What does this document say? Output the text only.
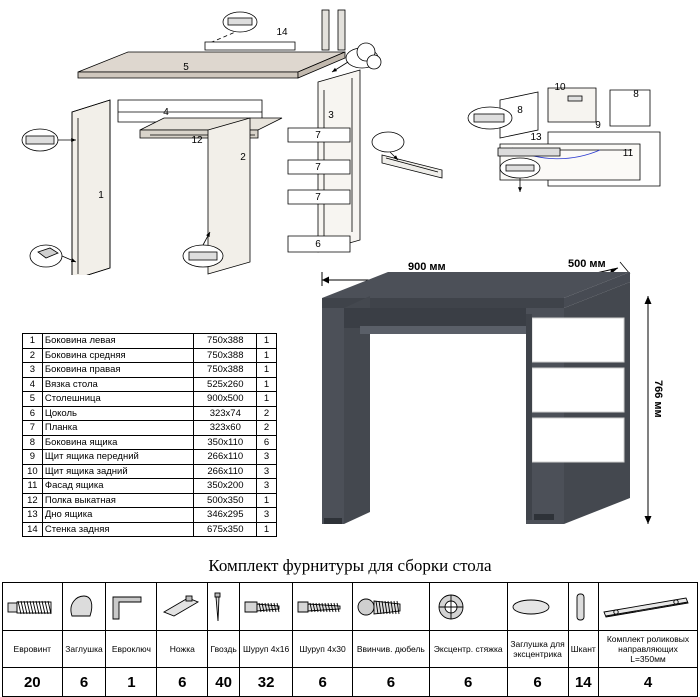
1
2
3
4
5
6
7
7
7
8
8
9
10
11
12	13
14
1	Боковина левая	750x388	1
2	Боковина средняя	750x388	1
3	Боковина правая	750x388	1
4	Вязка стола	525x260	1
5	Столешница	900x500	1
6	Цоколь	323x74	2
7	Планка	323x60	2
8	Боковина ящика	350x110	6
9	Щит ящика передний	266x110	3
10	Щит ящика задний	266x110	3
11	Фасад ящика	350x200	3
12	Полка выкатная	500x350	1
13	Дно ящика	346x295	3
14	Стенка задняя	675x350	1
900 мм	500 мм
766 мм
Комплект фурнитуры для сборки стола

Евровинт	Заглушка	Евроключ	Ножка	Гвоздь	Шуруп 4x16	Шуруп 4x30	Ввинчив. дюбель	Эксцентр. стяжка	Заглушка для эксцентрика	Шкант	Комплект роликовых направляющих L=350мм
20	6	1	6	40	32	6	6	6	6	14	4
